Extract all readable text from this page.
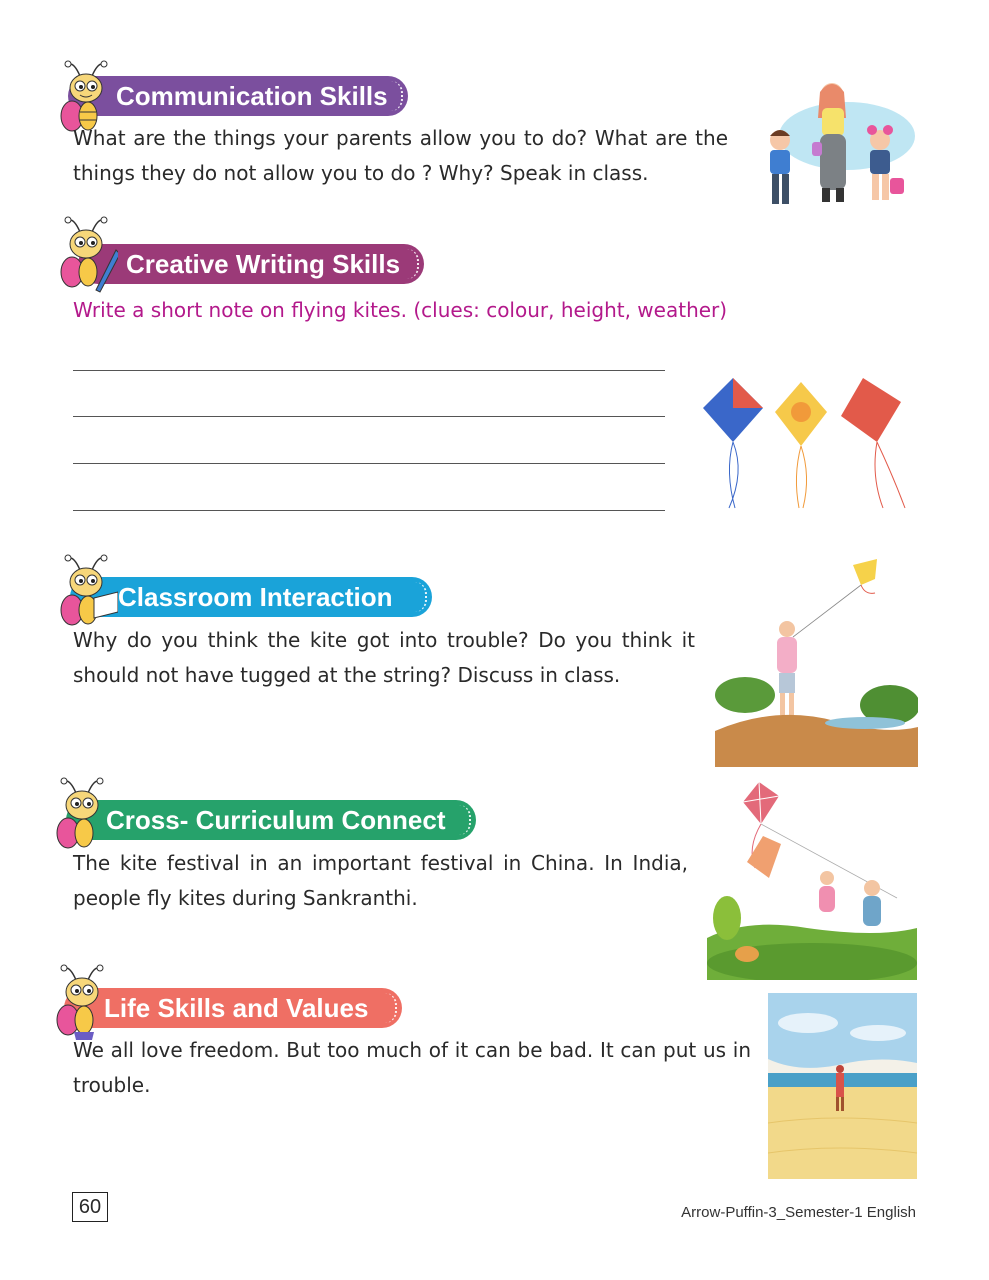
Communication Skills
What are the things your parents allow you to do? What are the things they do not allow you to do ? Why? Speak in class.
Creative Writing Skills
Write a short note on flying kites. (clues: colour, height, weather)
Classroom Interaction
Why do you think the kite got into trouble? Do you think it should not have tugged at the string? Discuss in class.
Cross- Curriculum Connect
The kite festival in an important festival in China. In India, people fly kites during Sankranthi.
Life Skills and Values
We all love freedom. But too much of it can be bad. It can put us in trouble.
60	Arrow-Puffin-3_Semester-1 English
